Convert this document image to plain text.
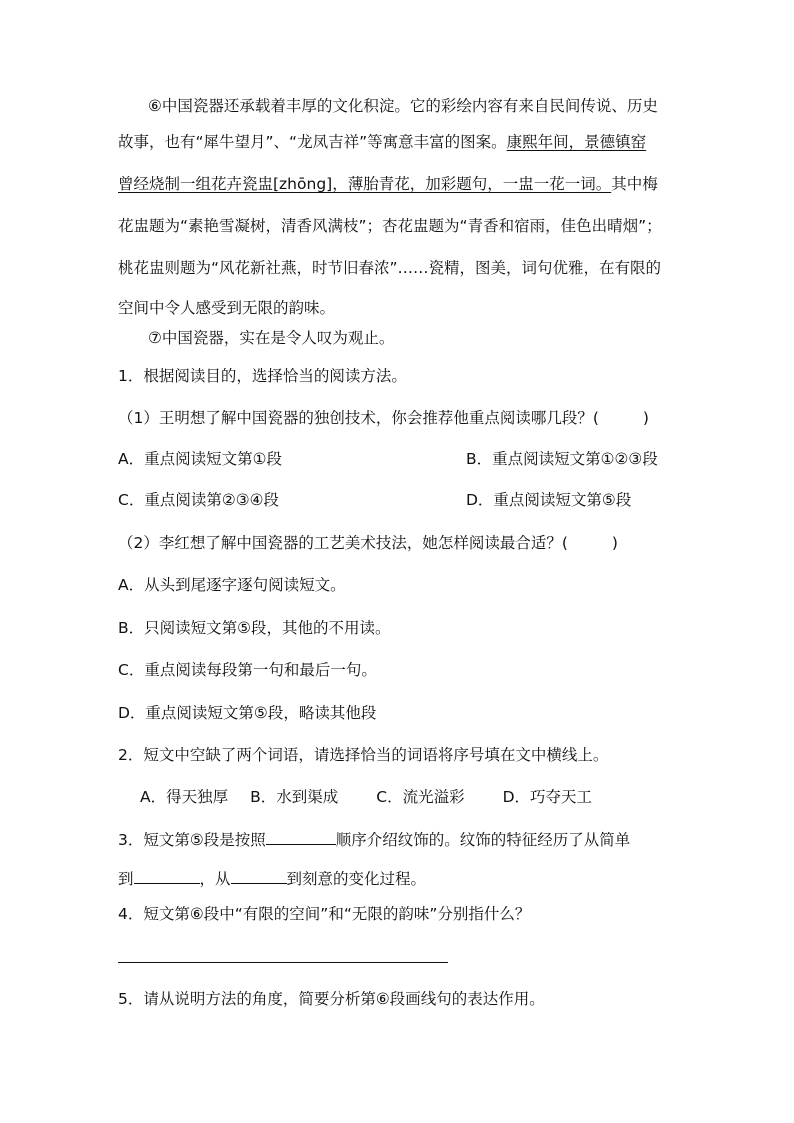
⑥中国瓷器还承载着丰厚的文化积淀。它的彩绘内容有来自民间传说、历史
故事，也有“犀牛望月”、“龙凤吉祥”等寓意丰富的图案。康熙年间，景德镇窑
曾经烧制一组花卉瓷盅[zhōng]，薄胎青花，加彩题句，一盅一花一词。其中梅
花盅题为“素艳雪凝树，清香风满枝”；杏花盅题为“青香和宿雨，佳色出晴烟”；
桃花盅则题为“风花新社燕，时节旧春浓”……瓷精，图美，词句优雅，在有限的
空间中令人感受到无限的韵味。
⑦中国瓷器，实在是令人叹为观止。
1．根据阅读目的，选择恰当的阅读方法。
（1）王明想了解中国瓷器的独创技术，你会推荐他重点阅读哪几段？(	)
A．重点阅读短文第①段	B．重点阅读短文第①②③段
C．重点阅读第②③④段	D．重点阅读短文第⑤段
（2）李红想了解中国瓷器的工艺美术技法，她怎样阅读最合适？(	)
A．从头到尾逐字逐句阅读短文。
B．只阅读短文第⑤段，其他的不用读。
C．重点阅读每段第一句和最后一句。
D．重点阅读短文第⑤段，略读其他段
2．短文中空缺了两个词语，请选择恰当的词语将序号填在文中横线上。
A．得天独厚 B．水到渠成 C．流光溢彩 D．巧夺天工
3．短文第⑤段是按照	顺序介绍纹饰的。纹饰的特征经历了从简单
到	，从	到刻意的变化过程。
4．短文第⑥段中“有限的空间”和“无限的韵味”分别指什么？
5．请从说明方法的角度，简要分析第⑥段画线句的表达作用。
